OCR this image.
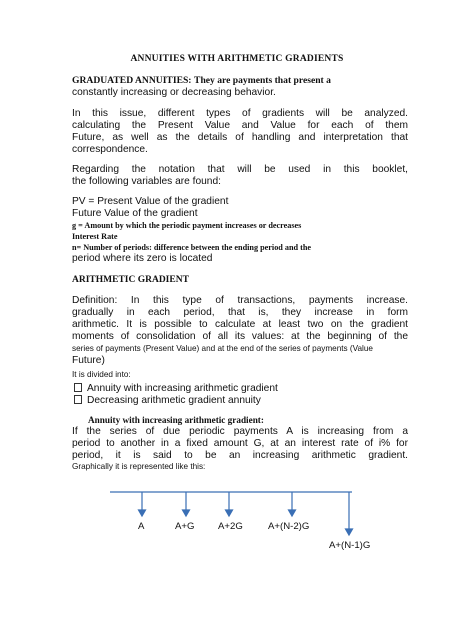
ANNUITIES WITH ARITHMETIC GRADIENTS
GRADUATED ANNUITIES: They are payments that present a
constantly increasing or decreasing behavior.
In this issue, different types of gradients will be analyzed.
calculating the Present Value and Value for each of them
Future, as well as the details of handling and interpretation that
correspondence.
Regarding the notation that will be used in this booklet,
the following variables are found:
PV = Present Value of the gradient
Future Value of the gradient
g = Amount by which the periodic payment increases or decreases
Interest Rate
n= Number of periods: difference between the ending period and the
period where its zero is located
ARITHMETIC GRADIENT
Definition: In this type of transactions, payments increase.
gradually in each period, that is, they increase in form
arithmetic. It is possible to calculate at least two on the gradient
moments of consolidation of all its values: at the beginning of the
series of payments (Present Value) and at the end of the series of payments (Value
Future)
It is divided into:
Annuity with increasing arithmetic gradient
Decreasing arithmetic gradient annuity
Annuity with increasing arithmetic gradient:
If the series of due periodic payments A is increasing from a
period to another in a fixed amount G, at an interest rate of i% for
period, it is said to be an increasing arithmetic gradient.
Graphically it is represented like this:
A	A+G A+2G	A+(N-2)G
A+(N-1)G
